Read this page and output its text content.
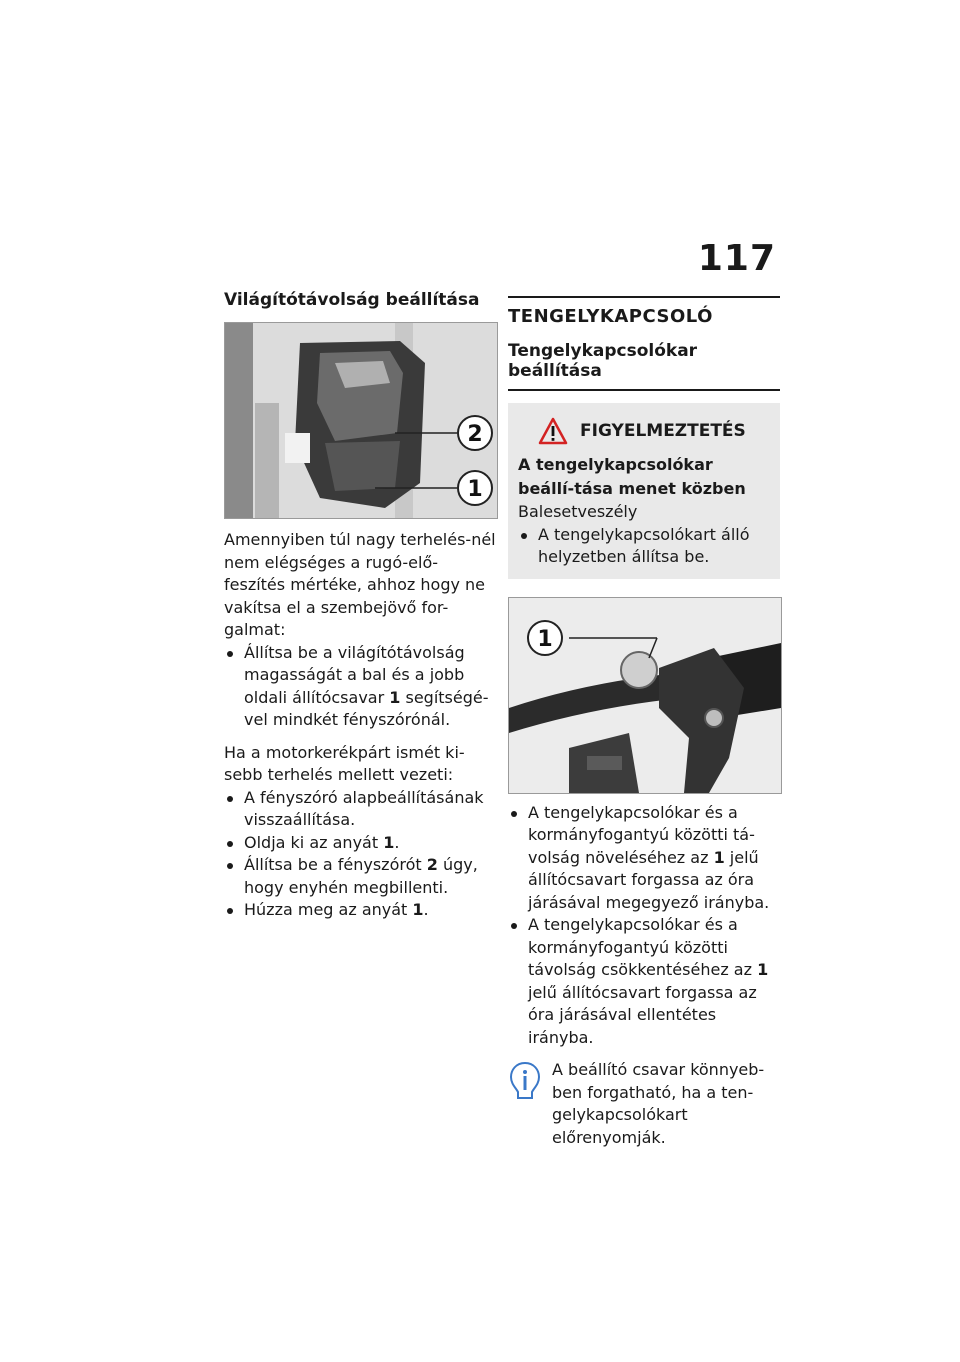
117
Világítótávolság beállítása
2
1
Amennyiben túl nagy terhelés-nél nem elégséges a rugó-elő-feszítés mértéke, ahhoz hogy ne vakítsa el a szembejövő for-galmat:
Állítsa be a világítótávolság magasságát a bal és a jobb oldali állítócsavar 1 segítségé-vel mindkét fényszórónál.
Ha a motorkerékpárt ismét ki-sebb terhelés mellett vezeti:
A fényszóró alapbeállításának visszaállítása.
Oldja ki az anyát 1.
Állítsa be a fényszórót 2 úgy, hogy enyhén megbillenti.
Húzza meg az anyát 1.
TENGELYKAPCSOLÓ
Tengelykapcsolókar beállítása
FIGYELMEZTETÉS
A tengelykapcsolókar beállí-tása menet közben
Balesetveszély
A tengelykapcsolókart álló helyzetben állítsa be.
1
A tengelykapcsolókar és a kormányfogantyú közötti tá-volság növeléséhez az 1 jelű állítócsavart forgassa az óra járásával megegyező irányba.
A tengelykapcsolókar és a kormányfogantyú közötti távolság csökkentéséhez az 1 jelű állítócsavart forgassa az óra járásával ellentétes irányba.
A beállító csavar könnyeb-ben forgatható, ha a ten-gelykapcsolókart előrenyomják.
